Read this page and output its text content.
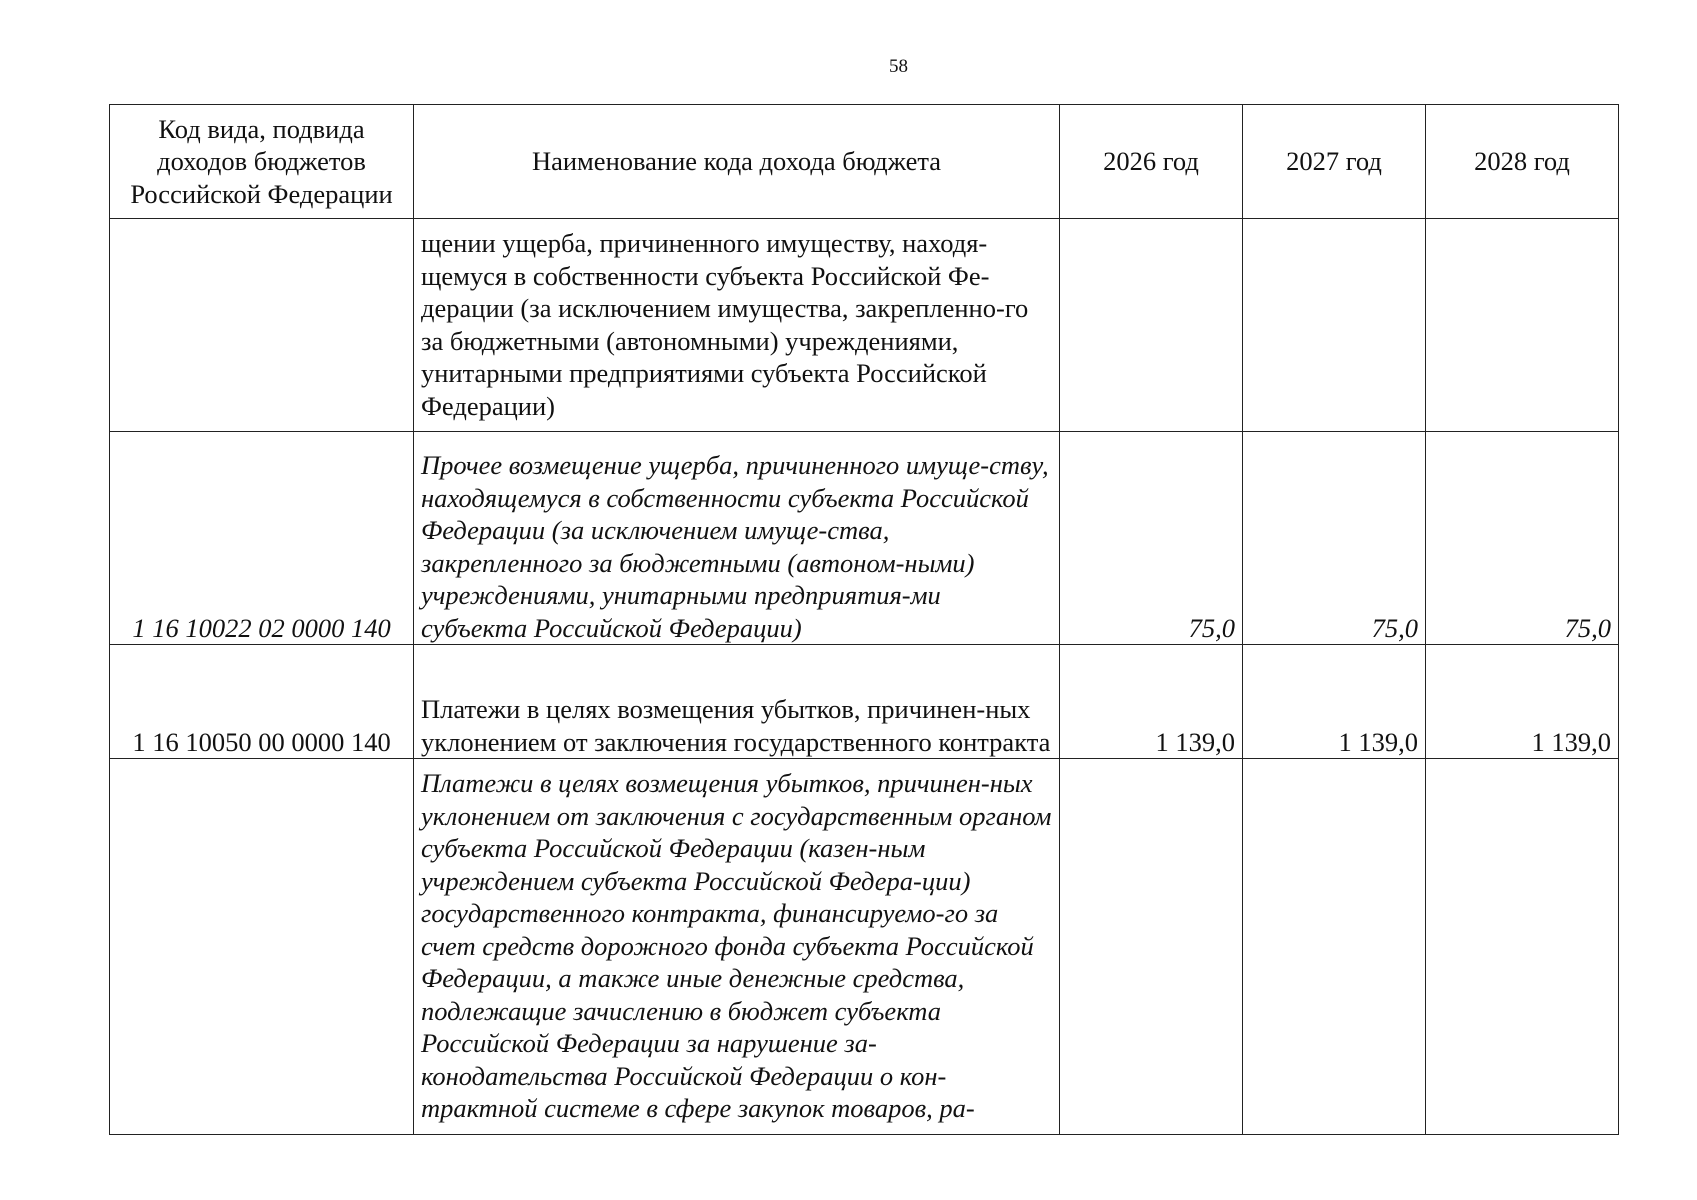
58
Код вида, подвида доходов бюджетов Российской Федерации	Наименование кода дохода бюджета	2026 год	2027 год	2028 год
	щении ущерба, причиненного имуществу, находя-щемуся в собственности субъекта Российской Фе-дерации (за исключением имущества, закрепленно-го за бюджетными (автономными) учреждениями, унитарными предприятиями субъекта Российской Федерации)			
1 16 10022 02 0000 140	Прочее возмещение ущерба, причиненного имуще-ству, находящемуся в собственности субъекта Российской Федерации (за исключением имуще-ства, закрепленного за бюджетными (автоном-ными) учреждениями, унитарными предприятия-ми субъекта Российской Федерации)	75,0	75,0	75,0
1 16 10050 00 0000 140	Платежи в целях возмещения убытков, причинен-ных уклонением от заключения государственного контракта	1 139,0	1 139,0	1 139,0
	Платежи в целях возмещения убытков, причинен-ных уклонением от заключения с государственным органом субъекта Российской Федерации (казен-ным учреждением субъекта Российской Федера-ции) государственного контракта, финансируемо-го за счет средств дорожного фонда субъекта Российской Федерации, а также иные денежные средства, подлежащие зачислению в бюджет субъекта Российской Федерации за нарушение за-конодательства Российской Федерации о кон-трактной системе в сфере закупок товаров, ра-			
